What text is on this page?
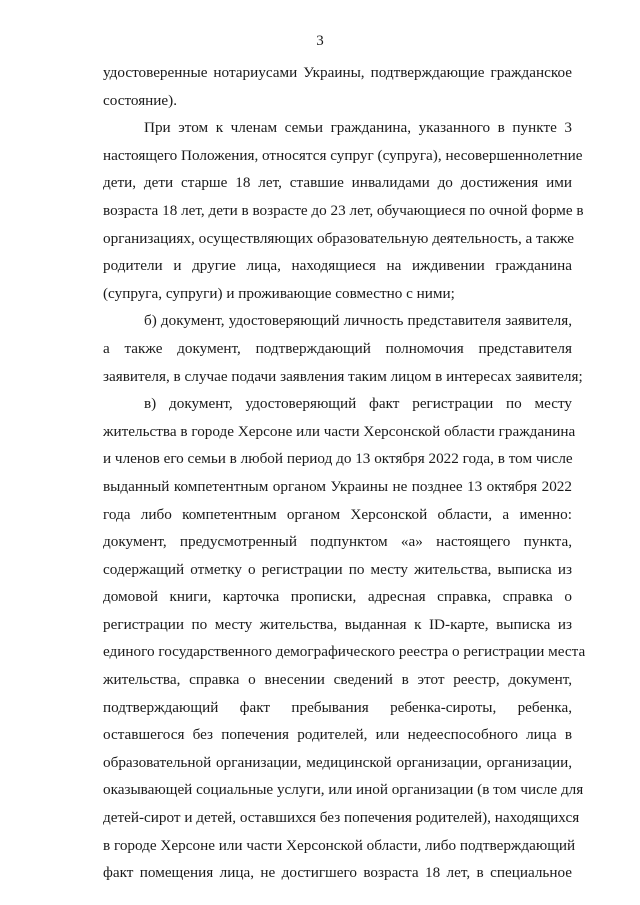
3
удостоверенные нотариусами Украины, подтверждающие гражданское
состояние).
При этом к членам семьи гражданина, указанного в пункте 3
настоящего Положения, относятся супруг (супруга), несовершеннолетние
дети, дети старше 18 лет, ставшие инвалидами до достижения ими
возраста 18 лет, дети в возрасте до 23 лет, обучающиеся по очной форме в
организациях, осуществляющих образовательную деятельность, а также
родители и другие лица, находящиеся на иждивении гражданина
(супруга, супруги) и проживающие совместно с ними;
б) документ, удостоверяющий личность представителя заявителя,
а также документ, подтверждающий полномочия представителя
заявителя, в случае подачи заявления таким лицом в интересах заявителя;
в) документ, удостоверяющий факт регистрации по месту
жительства в городе Херсоне или части Херсонской области гражданина
и членов его семьи в любой период до 13 октября 2022 года, в том числе
выданный компетентным органом Украины не позднее 13 октября 2022
года либо компетентным органом Херсонской области, а именно:
документ, предусмотренный подпунктом «а» настоящего пункта,
содержащий отметку о регистрации по месту жительства, выписка из
домовой книги, карточка прописки, адресная справка, справка о
регистрации по месту жительства, выданная к ID-карте, выписка из
единого государственного демографического реестра о регистрации места
жительства, справка о внесении сведений в этот реестр, документ,
подтверждающий факт пребывания ребенка-сироты, ребенка,
оставшегося без попечения родителей, или недееспособного лица в
образовательной организации, медицинской организации, организации,
оказывающей социальные услуги, или иной организации (в том числе для
детей-сирот и детей, оставшихся без попечения родителей), находящихся
в городе Херсоне или части Херсонской области, либо подтверждающий
факт помещения лица, не достигшего возраста 18 лет, в специальное
